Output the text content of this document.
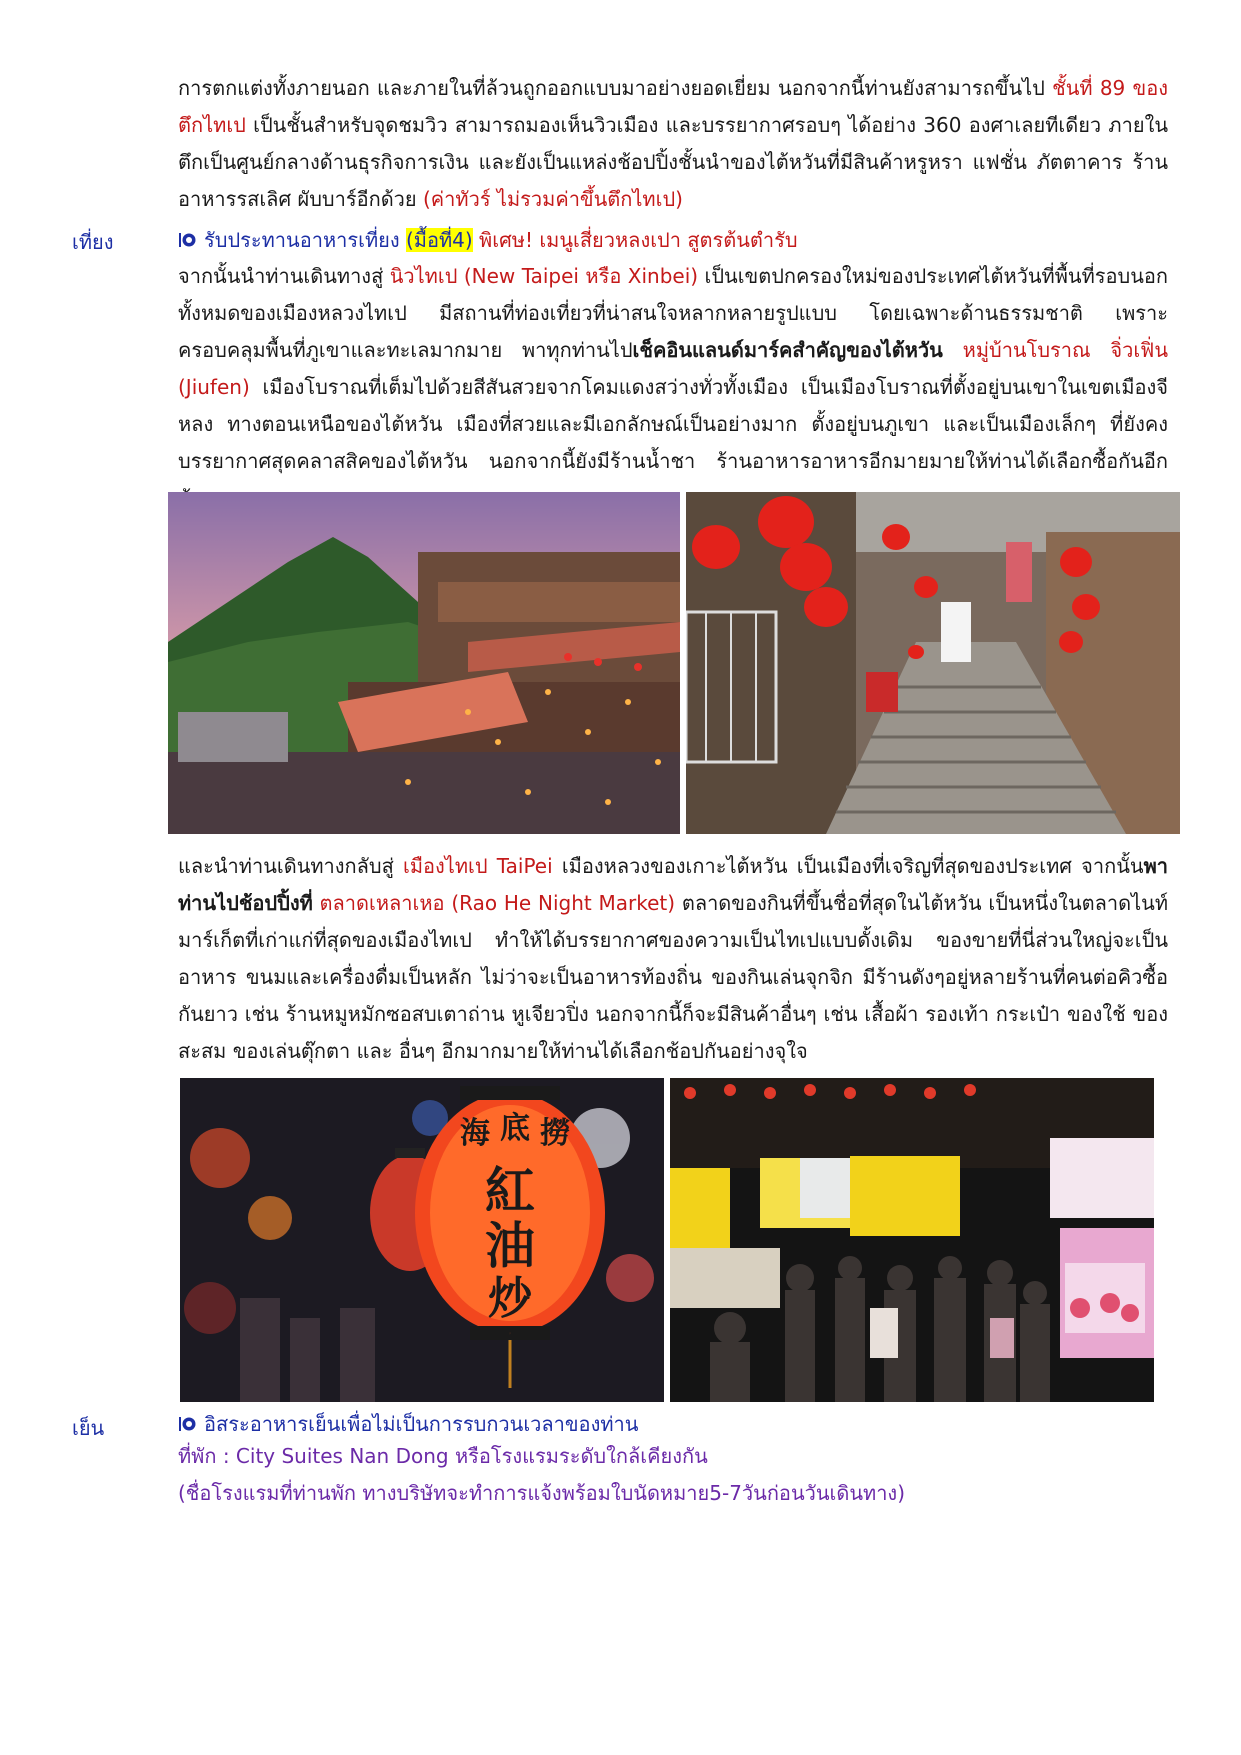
การตกแต่งทั้งภายนอก และภายในที่ล้วนถูกออกแบบมาอย่างยอดเยี่ยม นอกจากนี้ท่านยังสามารถขึ้นไป ชั้นที่ 89 ของตึกไทเป เป็นชั้นสำหรับจุดชมวิว สามารถมองเห็นวิวเมือง และบรรยากาศรอบๆ ได้อย่าง 360 องศาเลยทีเดียว ภายในตึกเป็นศูนย์กลางด้านธุรกิจการเงิน และยังเป็นแหล่งช้อปปิ้งชั้นนำของไต้หวันที่มีสินค้าหรูหรา แฟชั่น ภัตตาคาร ร้านอาหารรสเลิศ ผับบาร์อีกด้วย (ค่าทัวร์ ไม่รวมค่าขึ้นตึกไทเป)

เที่ยง	รับประทานอาหารเที่ยง (มื้อที่4) พิเศษ! เมนูเสี่ยวหลงเปา สูตรต้นตำรับ

จากนั้นนำท่านเดินทางสู่ นิวไทเป (New Taipei หรือ Xinbei) เป็นเขตปกครองใหม่ของประเทศไต้หวันที่พื้นที่รอบนอกทั้งหมดของเมืองหลวงไทเป มีสถานที่ท่องเที่ยวที่น่าสนใจหลากหลายรูปแบบ โดยเฉพาะด้านธรรมชาติ เพราะครอบคลุมพื้นที่ภูเขาและทะเลมากมาย พาทุกท่านไปเช็คอินแลนด์มาร์คสำคัญของไต้หวัน หมู่บ้านโบราณ จิ่วเฟิ่น (Jiufen) เมืองโบราณที่เต็มไปด้วยสีสันสวยจากโคมแดงสว่างทั่วทั้งเมือง เป็นเมืองโบราณที่ตั้งอยู่บนเขาในเขตเมืองจีหลง ทางตอนเหนือของไต้หวัน เมืองที่สวยและมีเอกลักษณ์เป็นอย่างมาก ตั้งอยู่บนภูเขา และเป็นเมืองเล็กๆ ที่ยังคงบรรยากาศสุดคลาสสิคของไต้หวัน นอกจากนี้ยังมีร้านน้ำชา ร้านอาหารอาหารอีกมายมายให้ท่านได้เลือกซื้อกันอีก

และนำท่านเดินทางกลับสู่ เมืองไทเป TaiPei เมืองหลวงของเกาะไต้หวัน เป็นเมืองที่เจริญที่สุดของประเทศ จากนั้นพาท่านไปช้อปปิ้งที่ ตลาดเหลาเหอ (Rao He Night Market) ตลาดของกินที่ขึ้นชื่อที่สุดในไต้หวัน เป็นหนึ่งในตลาดไนท์มาร์เก็ตที่เก่าแก่ที่สุดของเมืองไทเป ทำให้ได้บรรยากาศของความเป็นไทเปแบบดั้งเดิม ของขายที่นี่ส่วนใหญ่จะเป็นอาหาร ขนมและเครื่องดื่มเป็นหลัก ไม่ว่าจะเป็นอาหารท้องถิ่น ของกินเล่นจุกจิก มีร้านดังๆอยู่หลายร้านที่คนต่อคิวซื้อกันยาว เช่น ร้านหมูหมักซอสบเตาถ่าน หูเจียวปิ่ง นอกจากนี้ก็จะมีสินค้าอื่นๆ เช่น เสื้อผ้า รองเท้า กระเป๋า ของใช้ ของสะสม ของเล่นตุ๊กตา และ อื่นๆ อีกมากมายให้ท่านได้เลือกช้อปกันอย่างจุใจ

海 底 撈
紅
油
炒
手
เย็น	อิสระอาหารเย็นเพื่อไม่เป็นการรบกวนเวลาของท่าน

ที่พัก : City Suites Nan Dong หรือโรงแรมระดับใกล้เคียงกัน

(ชื่อโรงแรมที่ท่านพัก ทางบริษัทจะทำการแจ้งพร้อมใบนัดหมาย5-7วันก่อนวันเดินทาง)
